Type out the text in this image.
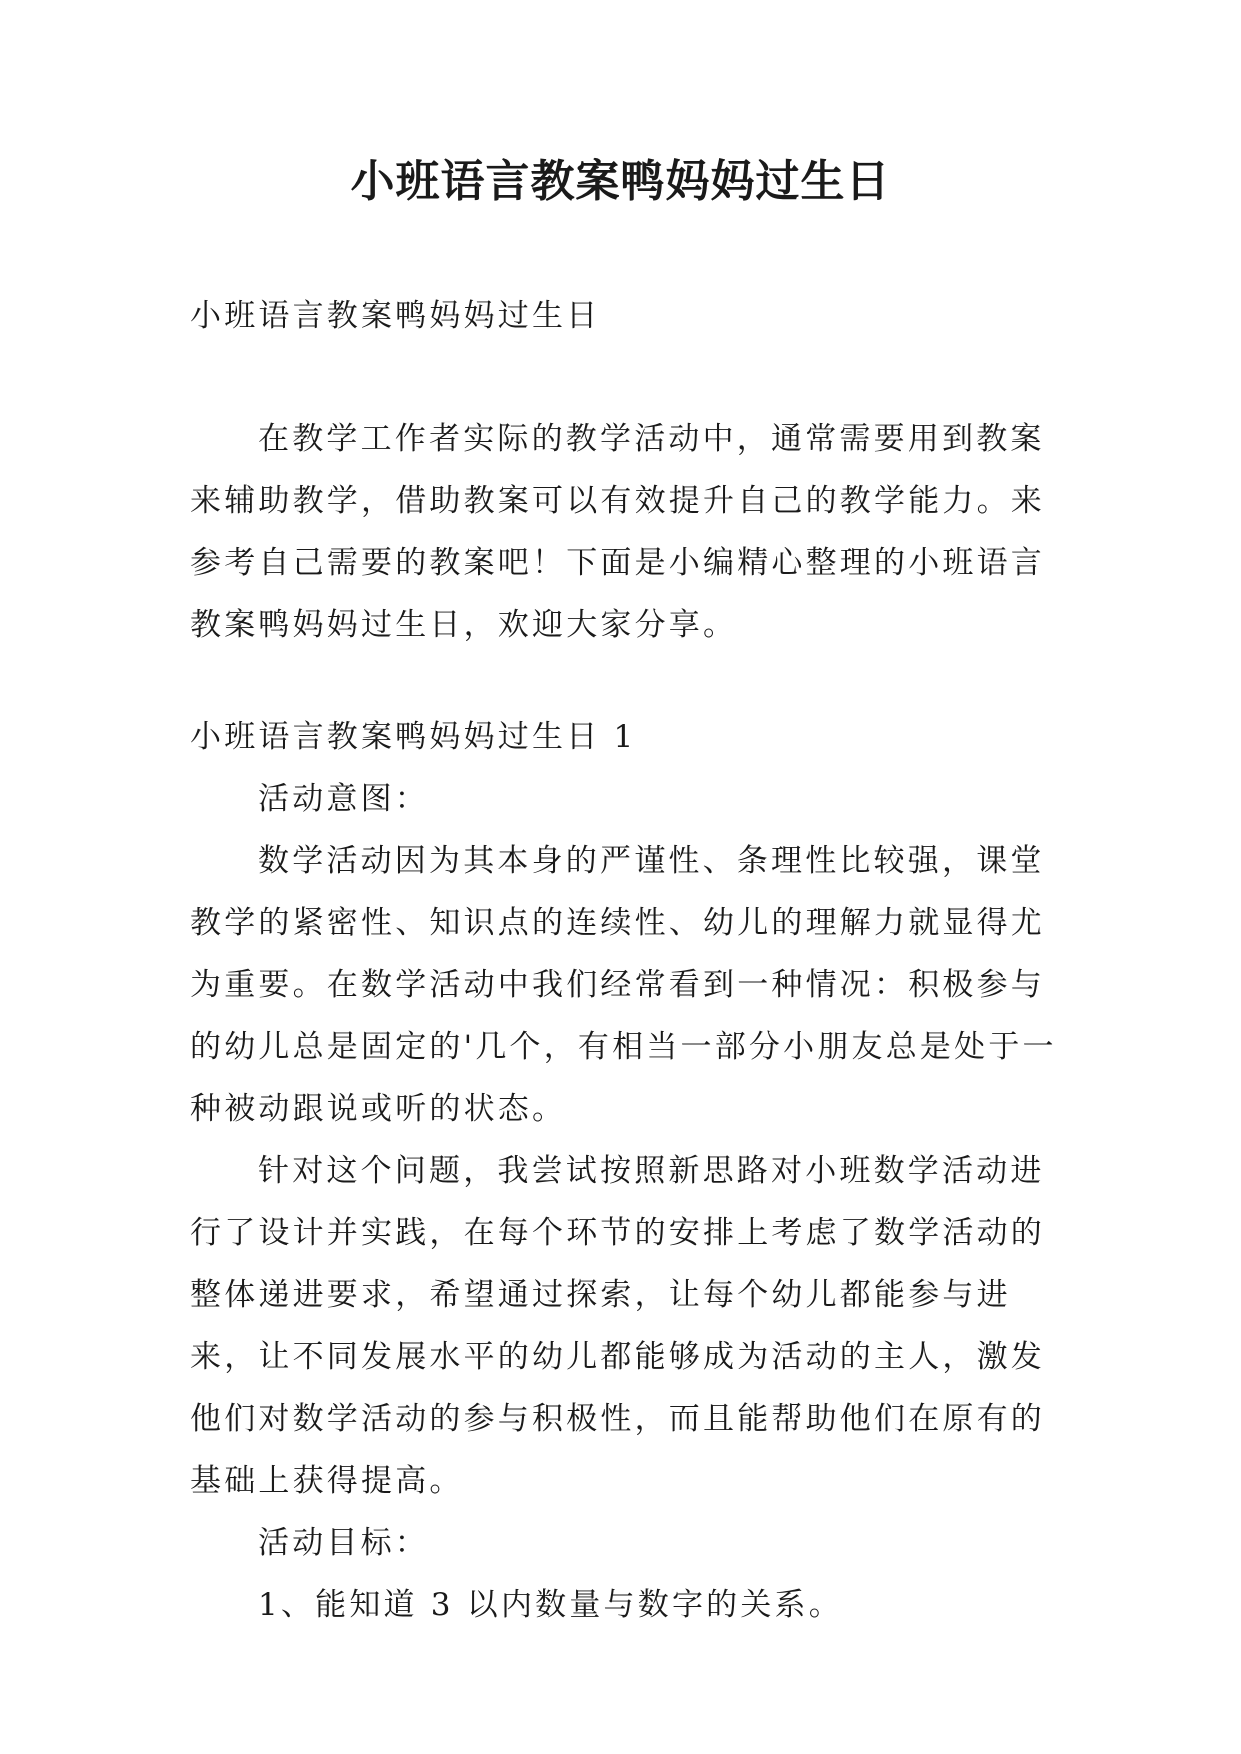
小班语言教案鸭妈妈过生日

小班语言教案鸭妈妈过生日

在教学工作者实际的教学活动中，通常需要用到教案来辅助教学，借助教案可以有效提升自己的教学能力。来参考自己需要的教案吧！下面是小编精心整理的小班语言教案鸭妈妈过生日，欢迎大家分享。

小班语言教案鸭妈妈过生日 1

活动意图：

数学活动因为其本身的严谨性、条理性比较强，课堂教学的紧密性、知识点的连续性、幼儿的理解力就显得尤为重要。在数学活动中我们经常看到一种情况：积极参与的幼儿总是固定的'几个，有相当一部分小朋友总是处于一种被动跟说或听的状态。

针对这个问题，我尝试按照新思路对小班数学活动进行了设计并实践，在每个环节的安排上考虑了数学活动的整体递进要求，希望通过探索，让每个幼儿都能参与进来，让不同发展水平的幼儿都能够成为活动的主人，激发他们对数学活动的参与积极性，而且能帮助他们在原有的基础上获得提高。

活动目标：

1、能知道 3 以内数量与数字的关系。
